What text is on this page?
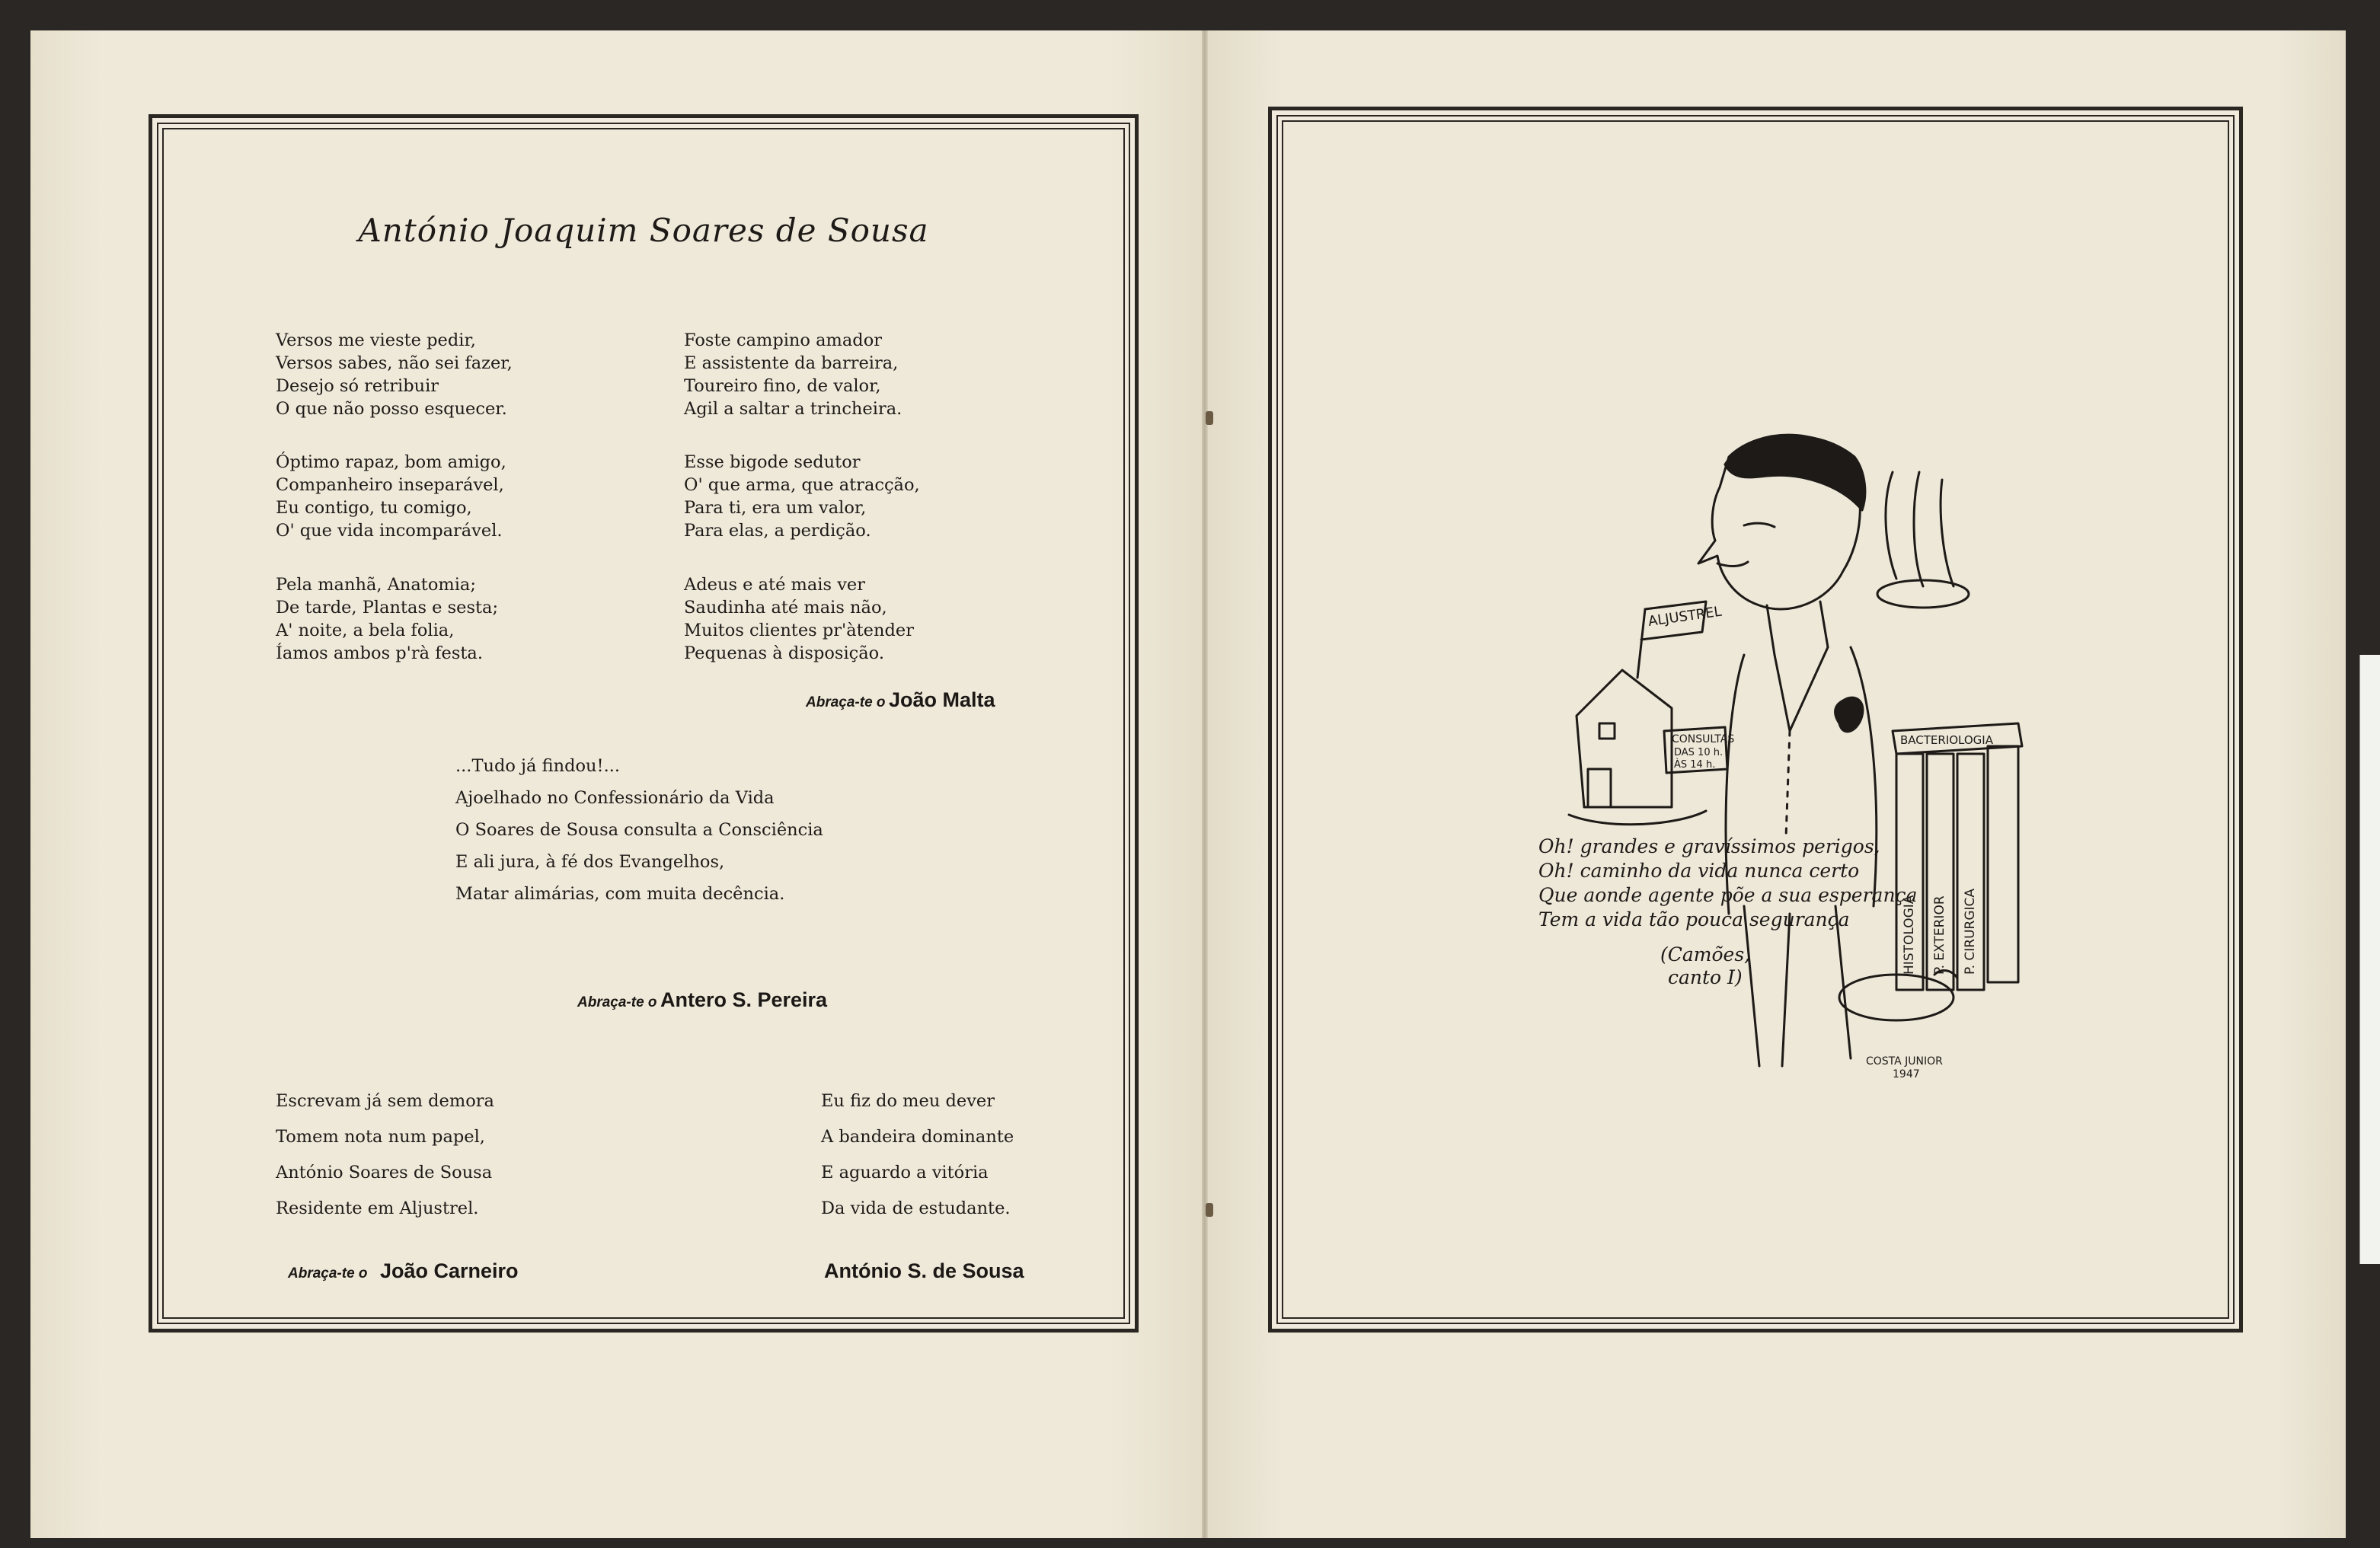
António Joaquim Soares de Sousa
Versos me vieste pedir,
Versos sabes, não sei fazer,
Desejo só retribuir
O que não posso esquecer.
Óptimo rapaz, bom amigo,
Companheiro inseparável,
Eu contigo, tu comigo,
O' que vida incomparável.
Pela manhã, Anatomia;
De tarde, Plantas e sesta;
A' noite, a bela folia,
Íamos ambos p'rà festa.
Foste campino amador
E assistente da barreira,
Toureiro fino, de valor,
Agil a saltar a trincheira.
Esse bigode sedutor
O' que arma, que atracção,
Para ti, era um valor,
Para elas, a perdição.
Adeus e até mais ver
Saudinha até mais não,
Muitos clientes pr'àtender
Pequenas à disposição.
Abraça-te o João Malta
...Tudo já findou!...
Ajoelhado no Confessionário da Vida
O Soares de Sousa consulta a Consciência
E ali jura, à fé dos Evangelhos,
Matar alimárias, com muita decência.
Abraça-te o Antero S. Pereira
Escrevam já sem demora
Tomem nota num papel,
António Soares de Sousa
Residente em Aljustrel.
Eu fiz do meu dever
A bandeira dominante
E aguardo a vitória
Da vida de estudante.
Abraça-te o João Carneiro	António S. de Sousa
ALJUSTREL
CONSULTAS
DAS 10 h.
ÀS 14 h.
BACTERIOLOGIA
HISTOLOGIA P. EXTERIOR P. CIRURGICA
Oh! grandes e gravíssimos perigos,
Oh! caminho da vida nunca certo
Que aonde agente põe a sua esperança
Tem a vida tão pouca segurança
(Camões,
canto I)
COSTA JUNIOR
1947
